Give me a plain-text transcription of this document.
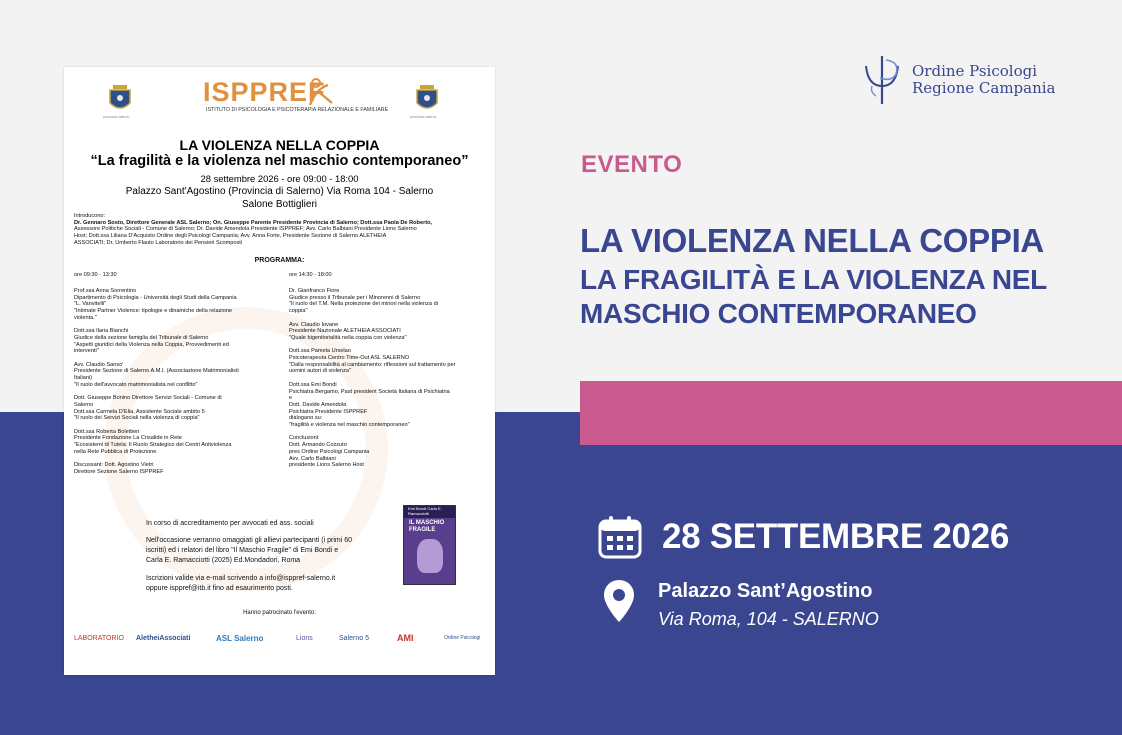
Ordine Psicologi
Regione Campania
EVENTO
LA VIOLENZA NELLA COPPIA
LA FRAGILITÀ E LA VIOLENZA NEL MASCHIO CONTEMPORANEO
28 SETTEMBRE 2026
Palazzo Sant’Agostino
Via Roma, 104 - SALERNO
provincia salerno	provincia salerno
ISPPREF
ISTITUTO DI PSICOLOGIA E PSICOTERAPIA RELAZIONALE E FAMILIARE
LA VIOLENZA NELLA COPPIA
“La fragilità e la violenza nel maschio contemporaneo”
28 settembre 2026 - ore 09:00 - 18:00
Palazzo Sant'Agostino (Provincia di Salerno) Via Roma 104 - Salerno
Salone Bottiglieri
Introducono:
Dr. Gennaro Sosto, Direttore Generale ASL Salerno; On. Giuseppe Parente Presidente Provincia di Salerno; Dott.ssa Paola De Roberto,
Assessore Politiche Sociali - Comune di Salerno; Dr. Davide Amendola Presidente ISPPREF; Avv. Carlo Balbiani Presidente Lions Salerno
Host; Dott.ssa Liliana D'Acquisto Ordine degli Psicologi Campania; Avv. Anna Forte, Presidente Sezione di Salerno ALETHEIA
ASSOCIATI; Dr. Umberto Flauto Laboratorio dei Pensieri Scomposti
PROGRAMMA:
ore 09:30 - 13:30	ore 14:30 - 18:00
Prof.ssa Anna Sorrentino
Dipartimento di Psicologia - Università degli Studi della Campania
"L. Vanvitelli"
"Intimate Partner Violence: tipologie e dinamiche della relazione
violenta."
Dott.ssa Ilaria Bianchi
Giudice della sezione famiglia del Tribunale di Salerno
"Aspetti giuridici della Violenza nella Coppia, Provvedimenti ed
interventi"
Avv. Claudio Sanso'
Presidente Sezione di Salerno A.M.I. (Associazione Matrimonialisti
Italiani)
"Il ruolo dell'avvocato matrimonialista nel conflitto"
Dott. Giuseppe Bonino Direttore Servizi Sociali - Comune di
Salerno
Dott.ssa Carmela D'Elia, Assistente Sociale ambito 5
"Il ruolo dei Servizi Sociali nella violenza di coppia"
Dott.ssa Roberta Bolettieri
Presidente Fondazione La Crisalide in Rete
"Ecosistemi di Tutela: Il Ruolo Strategico dei Centri Antiviolenza
nella Rete Pubblica di Protezione
Discussant: Dott. Agostino Vietri
Direttore Sezione Salerno ISPPREF
Dr. Gianfranco Fiore
Giudice presso il Tribunale per i Minorenni di Salerno
"Il ruolo del T.M. Nella protezione dei minori nella violenza di
coppia"
Avv. Claudio Iovane
Presidente Nazionale ALETHEIA ASSOCIATI
"Quale bigenitorialità nella coppia con violenza"
Dott.ssa Pamela Urselao
Psicoterapeuta Centro Time-Out ASL SALERNO
"Dalla responsabilità al cambiamento: riflessioni sul trattamento per
uomini autori di violenza"
Dott.ssa Emi Bondi
Psichiatra Bergamo, Past president Società Italiana di Psichiatria
e
Dott. Davide Amendola
Psichiatra Presidente ISPPREF
dialogano su:
"fragilità e violenza nel maschio contemporaneo"
Conclusioni:
Dott. Armando Cozzuto
pres Ordine Psicologi Campania
Avv. Carlo Balbiani
presidente Lions Salerno Host
In corso di accreditamento per avvocati ed ass. sociali
Nell'occasione verranno omaggiati gli allievi partecipanti (i primi 60
iscritti) ed i relatori del libro "Il Maschio Fragile" di Emi Bondi e
Carla E. Ramacciotti (2025) Ed.Mondadori, Roma
Iscrizioni valide via e-mail scrivendo a info@isppref-salerno.it
oppure isppref@itb.it fino ad esaurimento posti.
Emi Bondi Carla E. Ramacciotti
IL MASCHIO FRAGILE
Hanno patrocinato l'evento:
LABORATORIO AletheiAssociati	ASL Salerno	Lions	Salerno 5	AMI	Ordine Psicologi
